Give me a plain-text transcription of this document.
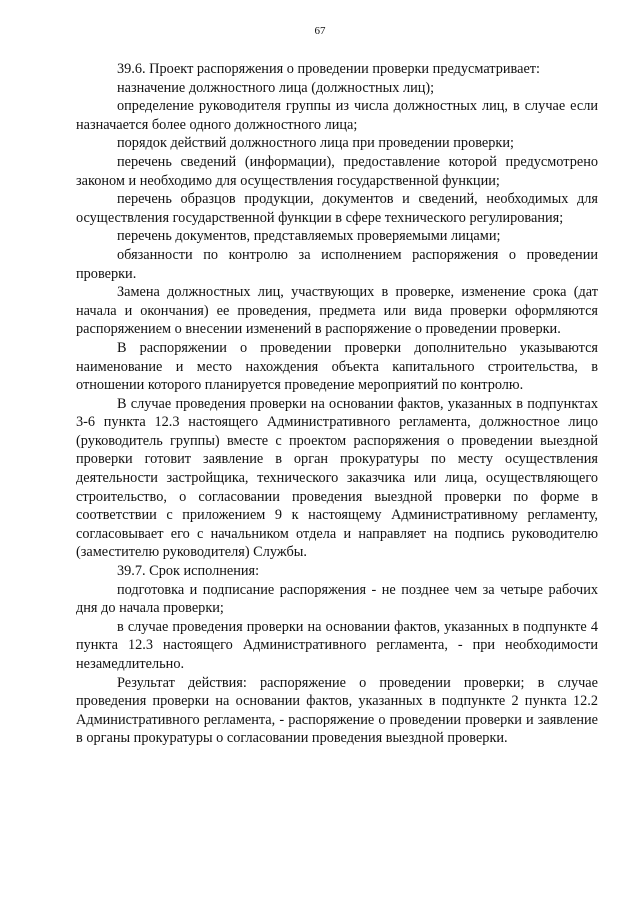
67

39.6. Проект распоряжения о проведении проверки предусматривает:

назначение должностного лица (должностных лиц);

определение руководителя группы из числа должностных лиц, в случае если назначается более одного должностного лица;

порядок действий должностного лица при проведении проверки;

перечень сведений (информации), предоставление которой предусмотрено законом и необходимо для осуществления государственной функции;

перечень образцов продукции, документов и сведений, необходимых для осуществления государственной функции в сфере технического регулирования;

перечень документов, представляемых проверяемыми лицами;

обязанности по контролю за исполнением распоряжения о проведении проверки.

Замена должностных лиц, участвующих в проверке, изменение срока (дат начала и окончания) ее проведения, предмета или вида проверки оформляются распоряжением о внесении изменений в распоряжение о проведении проверки.

В распоряжении о проведении проверки дополнительно указываются наименование и место нахождения объекта капитального строительства, в отношении которого планируется проведение мероприятий по контролю.

В случае проведения проверки на основании фактов, указанных в подпунктах 3-6 пункта 12.3 настоящего Административного регламента, должностное лицо (руководитель группы) вместе с проектом распоряжения о проведении выездной проверки готовит заявление в орган прокуратуры по месту осуществления деятельности застройщика, технического заказчика или лица, осуществляющего строительство, о согласовании проведения выездной проверки по форме в соответствии с приложением 9 к настоящему Административному регламенту, согласовывает его с начальником отдела и направляет на подпись руководителю (заместителю руководителя) Службы.

39.7. Срок исполнения:

подготовка и подписание распоряжения - не позднее чем за четыре рабочих дня до начала проверки;

в случае проведения проверки на основании фактов, указанных в подпункте 4 пункта 12.3 настоящего Административного регламента, - при необходимости незамедлительно.

Результат действия: распоряжение о проведении проверки; в случае проведения проверки на основании фактов, указанных в подпункте 2 пункта 12.2 Административного регламента, - распоряжение о проведении проверки и заявление в органы прокуратуры о согласовании проведения выездной проверки.
